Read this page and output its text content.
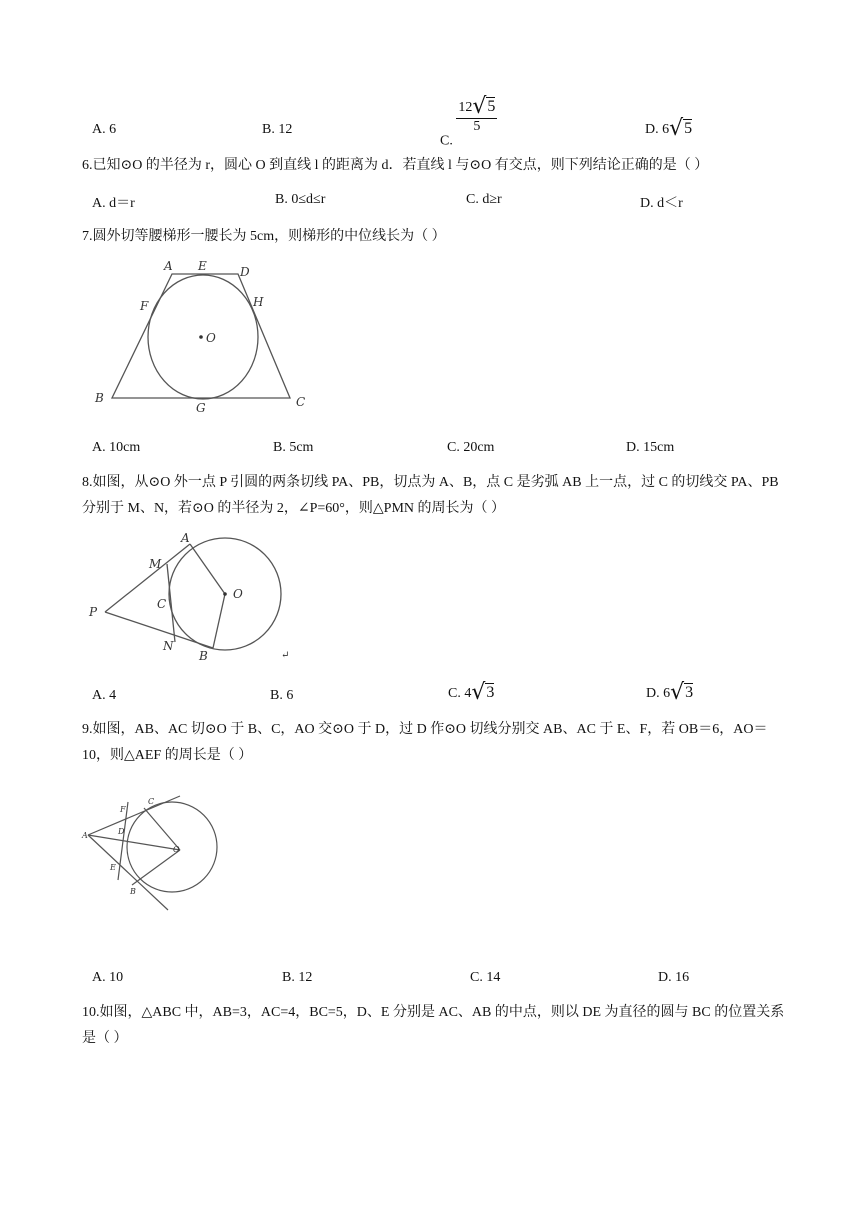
A. 6	B. 12
C.
$\frac{12√5}{5}$	D. 6√5
6.已知⊙O 的半径为 r，圆心 O 到直线 l 的距离为 d．若直线 l 与⊙O 有交点，则下列结论正确的是（ ）
A. d＝r	B. 0≤d≤r	C. d≥r	D. d＜r
7.圆外切等腰梯形一腰长为 5cm，则梯形的中位线长为（ ）
A E	D
F	H
O
B
G	C
A. 10cm	B. 5cm	C. 20cm	D. 15cm
8.如图，从⊙O 外一点 P 引圆的两条切线 PA、PB，切点为 A、B，点 C 是劣弧 AB 上一点，过 C 的切线交 PA、PB 分别于 M、N，若⊙O 的半径为 2，∠P=60°，则△PMN 的周长为（ ）
A
M
C
O
P
N
B	↵
A. 4	B. 6	C. 4√3	D. 6√3
9.如图，AB、AC 切⊙O 于 B、C，AO 交⊙O 于 D，过 D 作⊙O 切线分别交 AB、AC 于 E、F，若 OB＝6，AO＝10，则△AEF 的周长是（ ）
F
C
A	D
O
E
B
A. 10	B. 12	C. 14	D. 16
10.如图，△ABC 中，AB=3，AC=4，BC=5，D、E 分别是 AC、AB 的中点，则以 DE 为直径的圆与 BC 的位置关系是（ ）
